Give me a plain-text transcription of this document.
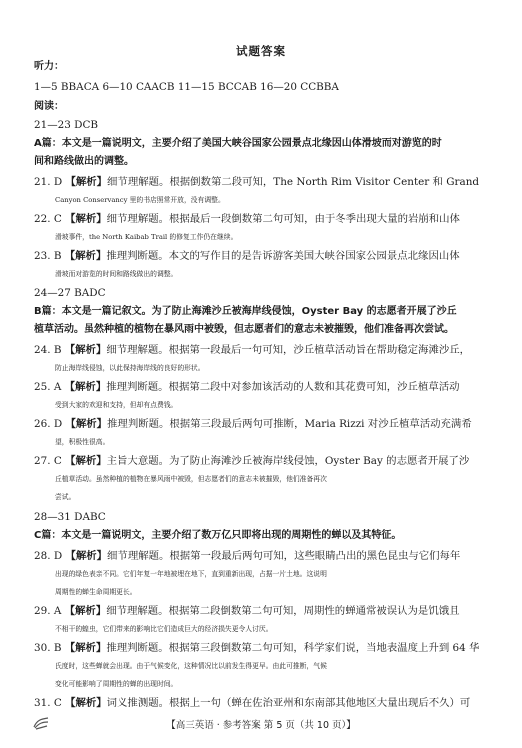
试题答案
听力：
1—5 BBACA 6—10 CAACB 11—15 BCCAB 16—20 CCBBA
阅读：
21—23 DCB
A篇：本文是一篇说明文，主要介绍了美国大峡谷国家公园景点北缘因山体滑坡而对游览的时
间和路线做出的调整。
21. D 【解析】细节理解题。根据倒数第二段可知，The North Rim Visitor Center 和 Grand
Canyon Conservancy 里的书店照常开放，没有调整。
22. C 【解析】细节理解题。根据最后一段倒数第二句可知，由于冬季出现大量的岩崩和山体
滑坡事件，the North Kaibab Trail 的修复工作仍在继续。
23. B 【解析】推理判断题。本文的写作目的是告诉游客美国大峡谷国家公园景点北缘因山体
滑坡而对游览的时间和路线做出的调整。
24—27 BADC
B篇：本文是一篇记叙文。为了防止海滩沙丘被海岸线侵蚀，Oyster Bay 的志愿者开展了沙丘
植草活动。虽然种植的植物在暴风雨中被毁，但志愿者们的意志未被摧毁，他们准备再次尝试。
24. B 【解析】细节理解题。根据第一段最后一句可知，沙丘植草活动旨在帮助稳定海滩沙丘，
防止海岸线侵蚀，以此保持海岸线的良好的形状。
25. A 【解析】推理判断题。根据第二段中对参加该活动的人数和其花费可知，沙丘植草活动
受到大家的欢迎和支持，但却有点费钱。
26. D 【解析】推理判断题。根据第三段最后两句可推断，Maria Rizzi 对沙丘植草活动充满希
望，积极性很高。
27. C 【解析】主旨大意题。为了防止海滩沙丘被海岸线侵蚀，Oyster Bay 的志愿者开展了沙
丘植草活动。虽然种植的植物在暴风雨中被毁，但志愿者们的意志未被摧毁，他们准备再次
尝试。
28—31 DABC
C篇：本文是一篇说明文，主要介绍了数万亿只即将出现的周期性的蝉以及其特征。
28. D 【解析】细节理解题。根据第一段最后两句可知，这些眼睛凸出的黑色昆虫与它们每年
出现的绿色表亲不同。它们年复一年地被埋在地下，直到重新出现，占据一片土地。这说明
周期性的蝉生命周期更长。
29. A 【解析】细节理解题。根据第二段倒数第二句可知，周期性的蝉通常被误认为是饥饿且
不相干的蝗虫，它们带来的影响比它们造成巨大的经济损失更令人讨厌。
30. B 【解析】推理判断题。根据第三段倒数第二句可知，科学家们说，当地表温度上升到 64 华
氏度时，这些蝉就会出现。由于气候变化，这种情况比以前发生得更早。由此可推断，气候
变化可能影响了周期性的蝉的出现时间。
31. C 【解析】词义推测题。根据上一句（蝉在佐治亚州和东南部其他地区大量出现后不久）可
【高三英语 · 参考答案 第 5 页（共 10 页）】
